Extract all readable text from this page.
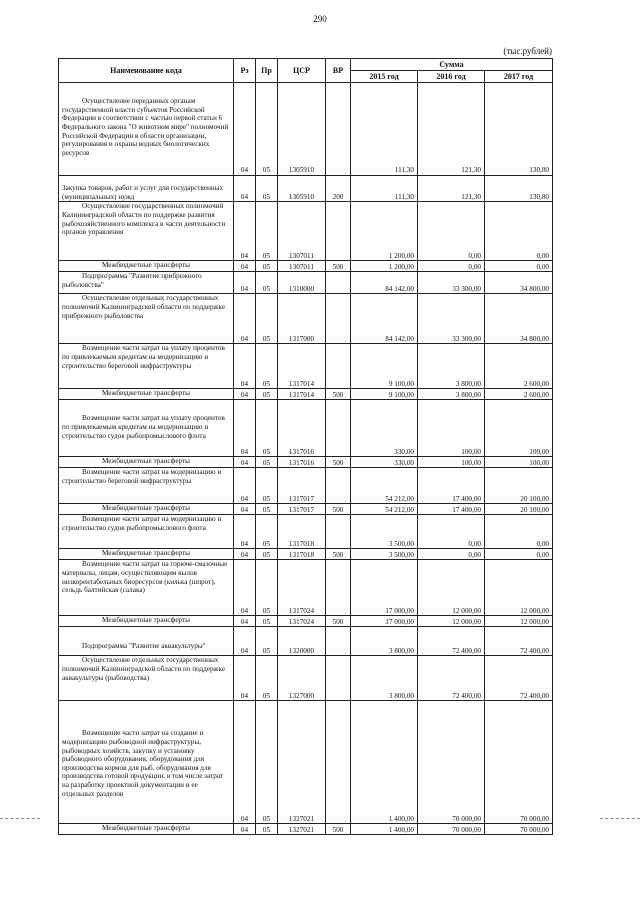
290
(тыс.рублей)
Наименование кода	Рз	Пр	ЦСР	ВР	Сумма		
					2015 год	2016 год	2017 год
Осуществление переданных органам государственной власти субъектов Российской Федерации в соответствии с частью первой статьи 6 Федерального закона "О животном мире" полномочий Российской Федерации в области организации, регулирования и охраны водных биологических ресурсов	04	05	1305910		111,30	121,30	130,80
Закупка товаров, работ и услуг для государственных (муниципальных) нужд	04	05	1305910	200	111,30	121,30	130,80
Осуществление государственных полномочий Калининградской области по поддержке развития рыбохозяйственного комплекса в части деятельности органов управления	04	05	1307011		1 200,00	0,00	0,00
Межбюджетные трансферты	04	05	1307011	500	1 200,00	0,00	0,00
Подпрограмма "Развитие прибрежного рыболовства"	04	05	1310000		84 142,00	33 300,00	34 800,00
Осуществление отдельных государственных полномочий Калининградской области по поддержке прибрежного рыболовства	04	05	1317000		84 142,00	33 300,00	34 800,00
Возмещение части затрат на уплату процентов по привлекаемым кредитам на модернизацию и строительство береговой инфраструктуры	04	05	1317014		9 100,00	3 800,00	2 600,00
Межбюджетные трансферты	04	05	1317014	500	9 100,00	3 800,00	2 600,00
Возмещение части затрат на уплату процентов по привлекаемым кредитам на модернизацию и строительство судов рыбопромыслового флота	04	05	1317016		330,00	100,00	100,00
Межбюджетные трансферты	04	05	1317016	500	330,00	100,00	100,00
Возмещение части затрат на модернизацию и строительство береговой инфраструктуры	04	05	1317017		54 212,00	17 400,00	20 100,00
Межбюджетные трансферты	04	05	1317017	500	54 212,00	17 400,00	20 100,00
Возмещение части затрат на модернизацию и строительство судов рыбопромыслового флота	04	05	1317018		3 500,00	0,00	0,00
Межбюджетные трансферты	04	05	1317018	500	3 500,00	0,00	0,00
Возмещение части затрат на горюче-смазочные материалы, лицам, осуществляющим вылов низкорентабельных биоресурсов (килька (шпрот), сельдь балтийская (салака)	04	05	1317024		17 000,00	12 000,00	12 000,00
Межбюджетные трансферты	04	05	1317024	500	17 000,00	12 000,00	12 000,00
Подпрограмма "Развитие аквакультуры"	04	05	1320000		3 800,00	72 400,00	72 400,00
Осуществление отдельных государственных полномочий Калининградской области по поддержке аквакультуры (рыбоводства)	04	05	1327000		3 800,00	72 400,00	72 400,00
Возмещение части затрат на создание и модернизацию рыбоводной инфраструктуры, рыбоводных хозяйств, закупку и установку рыбоводного оборудования, оборудования для производства кормов для рыб, оборудования для производства готовой продукции, в том числе затрат на разработку проектной документации и ее отдельных разделов	04	05	1327021		1 400,00	70 000,00	70 000,00
Межбюджетные трансферты	04	05	1327021	500	1 400,00	70 000,00	70 000,00
